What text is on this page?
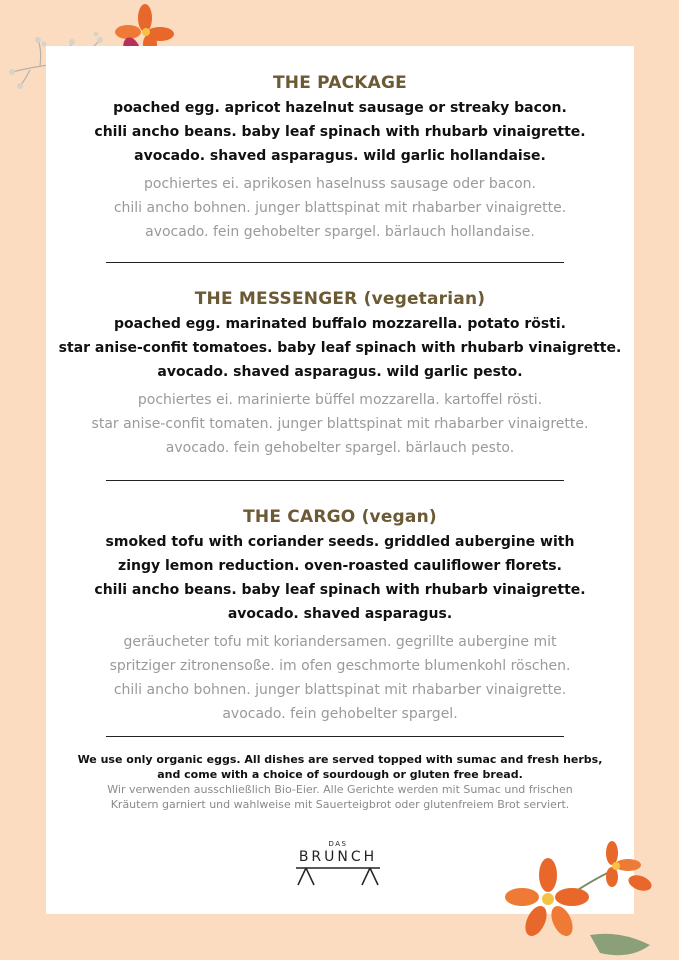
THE PACKAGE
poached egg. apricot hazelnut sausage or streaky bacon.
chili ancho beans. baby leaf spinach with rhubarb vinaigrette.
avocado. shaved asparagus. wild garlic hollandaise.
pochiertes ei. aprikosen haselnuss sausage oder bacon.
chili ancho bohnen. junger blattspinat mit rhabarber vinaigrette.
avocado. fein gehobelter spargel. bärlauch hollandaise.
THE MESSENGER (vegetarian)
poached egg. marinated buffalo mozzarella. potato rösti.
star anise-confit tomatoes. baby leaf spinach with rhubarb vinaigrette.
avocado. shaved asparagus. wild garlic pesto.
pochiertes ei. marinierte büffel mozzarella. kartoffel rösti.
star anise-confit tomaten. junger blattspinat mit rhabarber vinaigrette.
avocado. fein gehobelter spargel. bärlauch pesto.
THE CARGO (vegan)
smoked tofu with coriander seeds. griddled aubergine with
zingy lemon reduction. oven-roasted cauliflower florets.
chili ancho beans. baby leaf spinach with rhubarb vinaigrette.
avocado. shaved asparagus.
geräucheter tofu mit koriandersamen. gegrillte aubergine mit
spritziger zitronensoße. im ofen geschmorte blumenkohl röschen.
chili ancho bohnen. junger blattspinat mit rhabarber vinaigrette.
avocado. fein gehobelter spargel.
We use only organic eggs. All dishes are served topped with sumac and fresh herbs,
and come with a choice of sourdough or gluten free bread.
Wir verwenden ausschließlich Bio-Eier. Alle Gerichte werden mit Sumac und frischen
Kräutern garniert und wahlweise mit Sauerteigbrot oder glutenfreiem Brot serviert.
DAS
BRUNCH
